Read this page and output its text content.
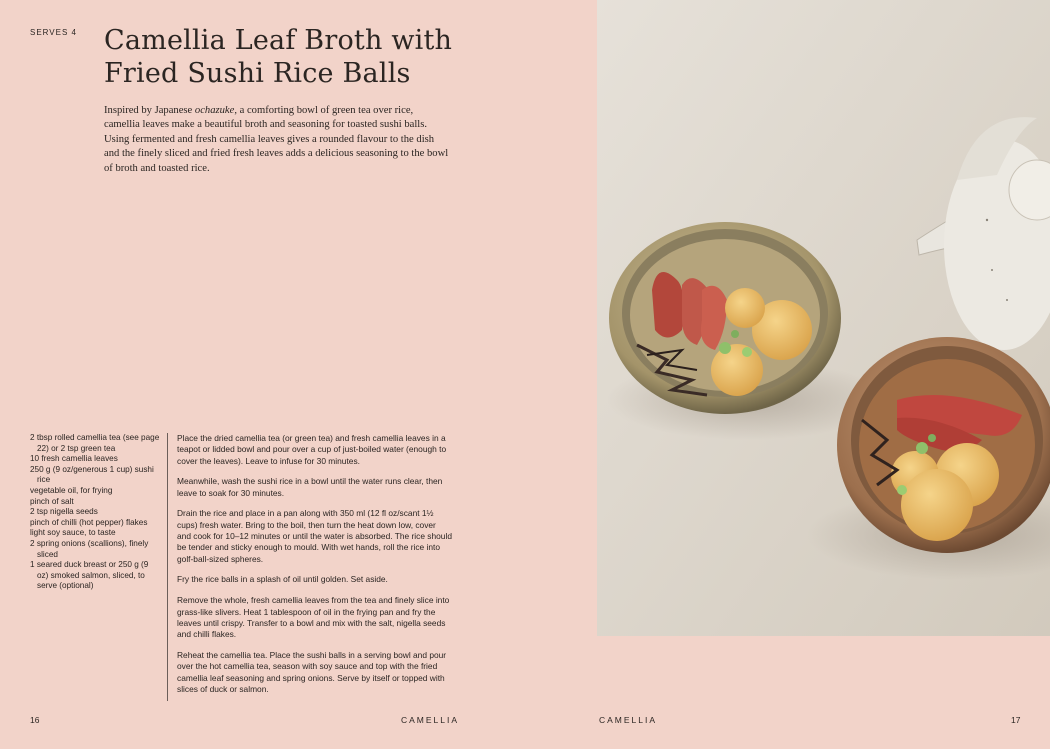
SERVES 4 Camellia Leaf Broth with
Fried Sushi Rice Balls

Inspired by Japanese ochazuke, a comforting bowl of green tea over rice, camellia leaves make a beautiful broth and seasoning for toasted sushi balls. Using fermented and fresh camellia leaves gives a rounded flavour to the dish and the finely sliced and fried fresh leaves adds a delicious seasoning to the bowl of broth and toasted rice.

2 tbsp rolled camellia tea (see page 22) or 2 tsp green tea
10 fresh camellia leaves
250 g (9 oz/generous 1 cup) sushi rice
vegetable oil, for frying
pinch of salt
2 tsp nigella seeds
pinch of chilli (hot pepper) flakes
light soy sauce, to taste
2 spring onions (scallions), finely sliced
1 seared duck breast or 250 g (9 oz) smoked salmon, sliced, to serve (optional)

Place the dried camellia tea (or green tea) and fresh camellia leaves in a teapot or lidded bowl and pour over a cup of just-boiled water (enough to cover the leaves). Leave to infuse for 30 minutes.

Meanwhile, wash the sushi rice in a bowl until the water runs clear, then leave to soak for 30 minutes.

Drain the rice and place in a pan along with 350 ml (12 fl oz/scant 1½ cups) fresh water. Bring to the boil, then turn the heat down low, cover and cook for 10–12 minutes or until the water is absorbed. The rice should be tender and sticky enough to mould. With wet hands, roll the rice into golf-ball-sized spheres.

Fry the rice balls in a splash of oil until golden. Set aside.

Remove the whole, fresh camellia leaves from the tea and finely slice into grass-like slivers. Heat 1 tablespoon of oil in the frying pan and fry the leaves until crispy. Transfer to a bowl and mix with the salt, nigella seeds and chilli flakes.

Reheat the camellia tea. Place the sushi balls in a serving bowl and pour over the hot camellia tea, season with soy sauce and top with the fried camellia leaf seasoning and spring onions. Serve by itself or topped with slices of duck or salmon.

16	CAMELLIA	CAMELLIA	17
